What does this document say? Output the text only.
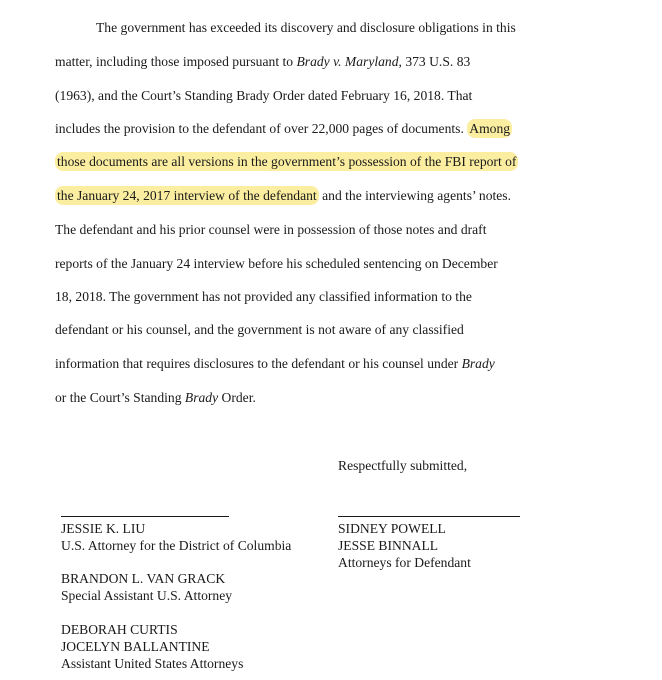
The government has exceeded its discovery and disclosure obligations in this
matter, including those imposed pursuant to Brady v. Maryland, 373 U.S. 83
(1963), and the Court’s Standing Brady Order dated February 16, 2018. That
includes the provision to the defendant of over 22,000 pages of documents. Among
those documents are all versions in the government’s possession of the FBI report of
the January 24, 2017 interview of the defendant and the interviewing agents’ notes.
The defendant and his prior counsel were in possession of those notes and draft
reports of the January 24 interview before his scheduled sentencing on December
18, 2018. The government has not provided any classified information to the
defendant or his counsel, and the government is not aware of any classified
information that requires disclosures to the defendant or his counsel under Brady
or the Court’s Standing Brady Order.
Respectfully submitted,
JESSIE K. LIU
U.S. Attorney for the District of Columbia
BRANDON L. VAN GRACK
Special Assistant U.S. Attorney
DEBORAH CURTIS
JOCELYN BALLANTINE
Assistant United States Attorneys
SIDNEY POWELL
JESSE BINNALL
Attorneys for Defendant
